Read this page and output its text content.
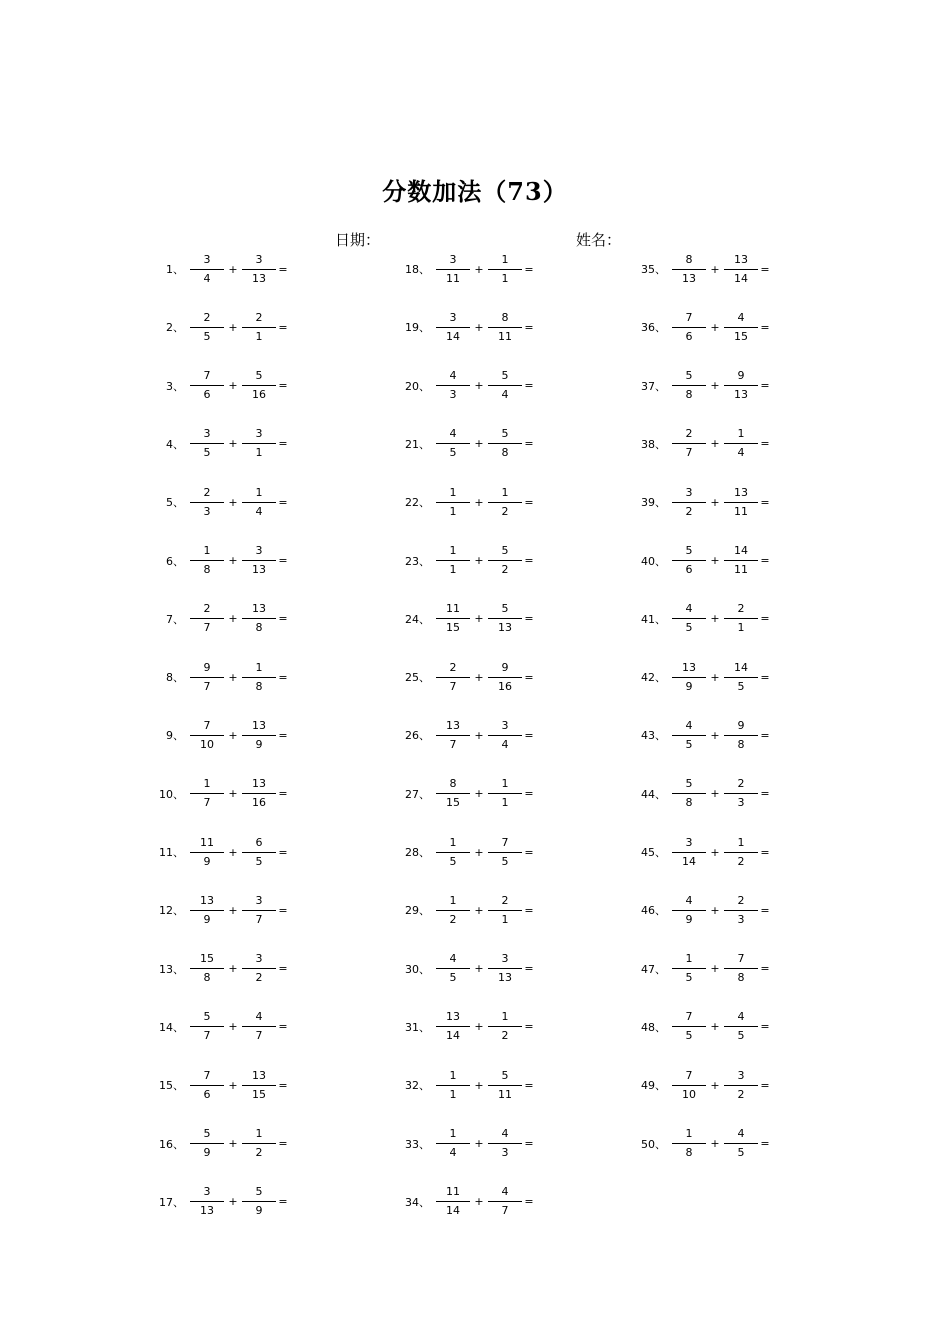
分数加法（73）
日期：	姓名：
1、 $\frac{3}{4} + \frac{3}{13}$ =
2、 $\frac{2}{5} + \frac{2}{1}$ =
3、 $\frac{7}{6} + \frac{5}{16}$ =
4、 $\frac{3}{5} + \frac{3}{1}$ =
5、 $\frac{2}{3} + \frac{1}{4}$ =
6、 $\frac{1}{8} + \frac{3}{13}$ =
7、 $\frac{2}{7} + \frac{13}{8}$ =
8、 $\frac{9}{7} + \frac{1}{8}$ =
9、 $\frac{7}{10} + \frac{13}{9}$ =
10、 $\frac{1}{7} + \frac{13}{16}$ =
11、 $\frac{11}{9} + \frac{6}{5}$ =
12、 $\frac{13}{9} + \frac{3}{7}$ =
13、 $\frac{15}{8} + \frac{3}{2}$ =
14、 $\frac{5}{7} + \frac{4}{7}$ =
15、 $\frac{7}{6} + \frac{13}{15}$ =
16、 $\frac{5}{9} + \frac{1}{2}$ =
17、 $\frac{3}{13} + \frac{5}{9}$ =
18、 $\frac{3}{11} + \frac{1}{1}$ =
19、 $\frac{3}{14} + \frac{8}{11}$ =
20、 $\frac{4}{3} + \frac{5}{4}$ =
21、 $\frac{4}{5} + \frac{5}{8}$ =
22、 $\frac{1}{1} + \frac{1}{2}$ =
23、 $\frac{1}{1} + \frac{5}{2}$ =
24、 $\frac{11}{15} + \frac{5}{13}$ =
25、 $\frac{2}{7} + \frac{9}{16}$ =
26、 $\frac{13}{7} + \frac{3}{4}$ =
27、 $\frac{8}{15} + \frac{1}{1}$ =
28、 $\frac{1}{5} + \frac{7}{5}$ =
29、 $\frac{1}{2} + \frac{2}{1}$ =
30、 $\frac{4}{5} + \frac{3}{13}$ =
31、 $\frac{13}{14} + \frac{1}{2}$ =
32、 $\frac{1}{1} + \frac{5}{11}$ =
33、 $\frac{1}{4} + \frac{4}{3}$ =
34、 $\frac{11}{14} + \frac{4}{7}$ =
35、 $\frac{8}{13} + \frac{13}{14}$ =
36、 $\frac{7}{6} + \frac{4}{15}$ =
37、 $\frac{5}{8} + \frac{9}{13}$ =
38、 $\frac{2}{7} + \frac{1}{4}$ =
39、 $\frac{3}{2} + \frac{13}{11}$ =
40、 $\frac{5}{6} + \frac{14}{11}$ =
41、 $\frac{4}{5} + \frac{2}{1}$ =
42、 $\frac{13}{9} + \frac{14}{5}$ =
43、 $\frac{4}{5} + \frac{9}{8}$ =
44、 $\frac{5}{8} + \frac{2}{3}$ =
45、 $\frac{3}{14} + \frac{1}{2}$ =
46、 $\frac{4}{9} + \frac{2}{3}$ =
47、 $\frac{1}{5} + \frac{7}{8}$ =
48、 $\frac{7}{5} + \frac{4}{5}$ =
49、 $\frac{7}{10} + \frac{3}{2}$ =
50、 $\frac{1}{8} + \frac{4}{5}$ =
